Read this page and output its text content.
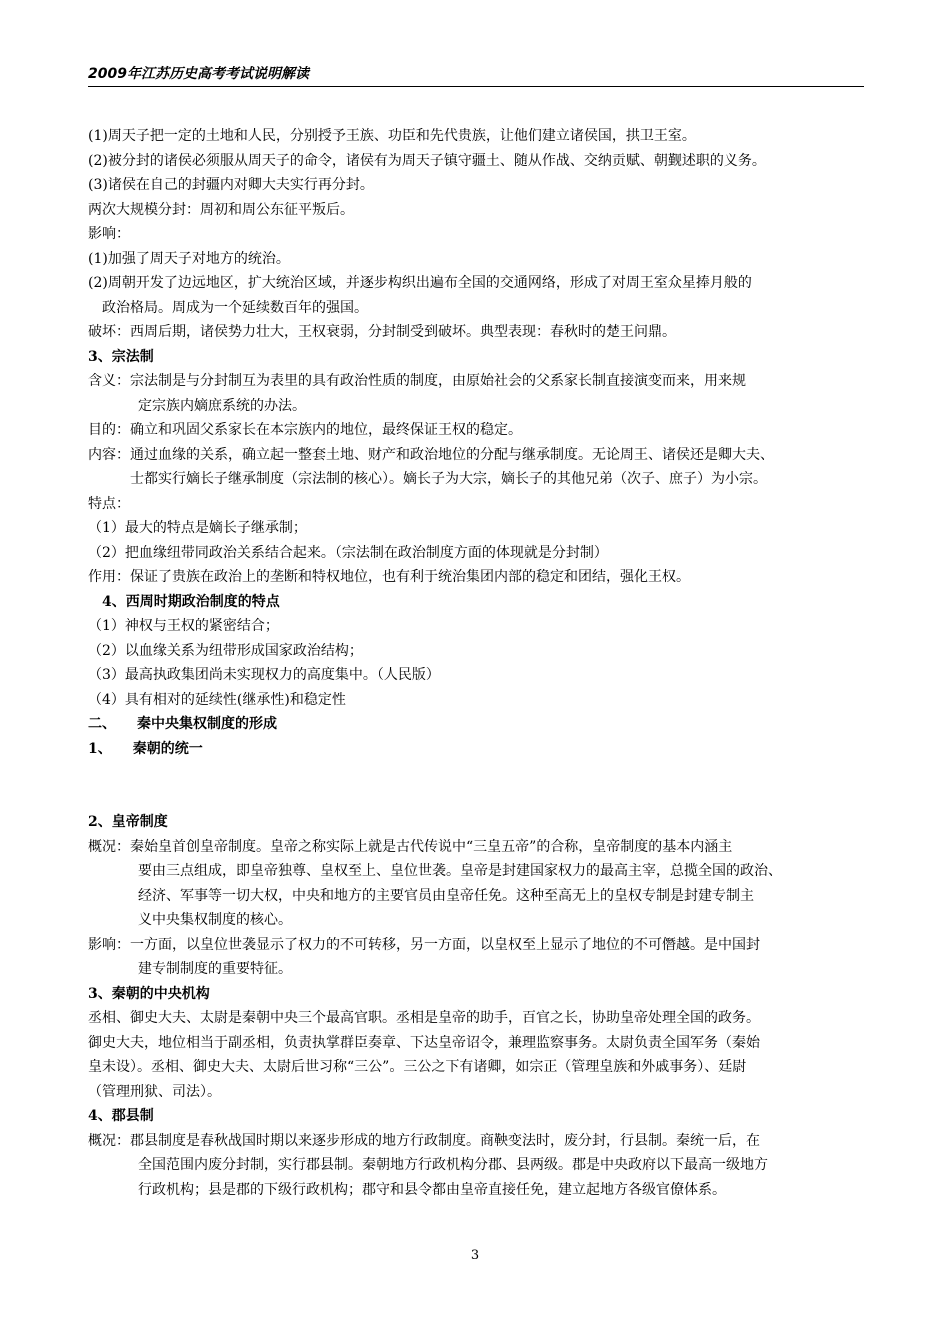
2009年江苏历史高考考试说明解读
(1)周天子把一定的土地和人民，分别授予王族、功臣和先代贵族，让他们建立诸侯国，拱卫王室。
(2)被分封的诸侯必须服从周天子的命令，诸侯有为周天子镇守疆土、随从作战、交纳贡赋、朝觐述职的义务。
(3)诸侯在自己的封疆内对卿大夫实行再分封。
两次大规模分封：周初和周公东征平叛后。
影响：
(1)加强了周天子对地方的统治。
(2)周朝开发了边远地区，扩大统治区域，并逐步构织出遍布全国的交通网络，形成了对周王室众星捧月般的
政治格局。周成为一个延续数百年的强国。
破坏：西周后期，诸侯势力壮大，王权衰弱，分封制受到破坏。典型表现：春秋时的楚王问鼎。
3、宗法制
含义：宗法制是与分封制互为表里的具有政治性质的制度，由原始社会的父系家长制直接演变而来，用来规
定宗族内嫡庶系统的办法。
目的：确立和巩固父系家长在本宗族内的地位，最终保证王权的稳定。
内容：通过血缘的关系，确立起一整套土地、财产和政治地位的分配与继承制度。无论周王、诸侯还是卿大夫、
士都实行嫡长子继承制度（宗法制的核心）。嫡长子为大宗，嫡长子的其他兄弟（次子、庶子）为小宗。
特点：
（1）最大的特点是嫡长子继承制；
（2）把血缘纽带同政治关系结合起来。（宗法制在政治制度方面的体现就是分封制）
作用：保证了贵族在政治上的垄断和特权地位，也有利于统治集团内部的稳定和团结，强化王权。
4、西周时期政治制度的特点
（1）神权与王权的紧密结合；
（2）以血缘关系为纽带形成国家政治结构；
（3）最高执政集团尚未实现权力的高度集中。（人民版）
（4）具有相对的延续性(继承性)和稳定性
二、　　秦中央集权制度的形成
1、　　秦朝的统一
2、皇帝制度
概况：秦始皇首创皇帝制度。皇帝之称实际上就是古代传说中“三皇五帝”的合称，皇帝制度的基本内涵主
要由三点组成，即皇帝独尊、皇权至上、皇位世袭。皇帝是封建国家权力的最高主宰，总揽全国的政治、
经济、军事等一切大权，中央和地方的主要官员由皇帝任免。这种至高无上的皇权专制是封建专制主
义中央集权制度的核心。
影响：一方面，以皇位世袭显示了权力的不可转移，另一方面，以皇权至上显示了地位的不可僭越。是中国封
建专制制度的重要特征。
3、秦朝的中央机构
丞相、御史大夫、太尉是秦朝中央三个最高官职。丞相是皇帝的助手，百官之长，协助皇帝处理全国的政务。
御史大夫，地位相当于副丞相，负责执掌群臣奏章、下达皇帝诏令，兼理监察事务。太尉负责全国军务（秦始
皇未设）。丞相、御史大夫、太尉后世习称“三公”。三公之下有诸卿，如宗正（管理皇族和外戚事务）、廷尉
（管理刑狱、司法）。
4、郡县制
概况：郡县制度是春秋战国时期以来逐步形成的地方行政制度。商鞅变法时，废分封，行县制。秦统一后，在
全国范围内废分封制，实行郡县制。秦朝地方行政机构分郡、县两级。郡是中央政府以下最高一级地方
行政机构；县是郡的下级行政机构；郡守和县令都由皇帝直接任免，建立起地方各级官僚体系。
3
